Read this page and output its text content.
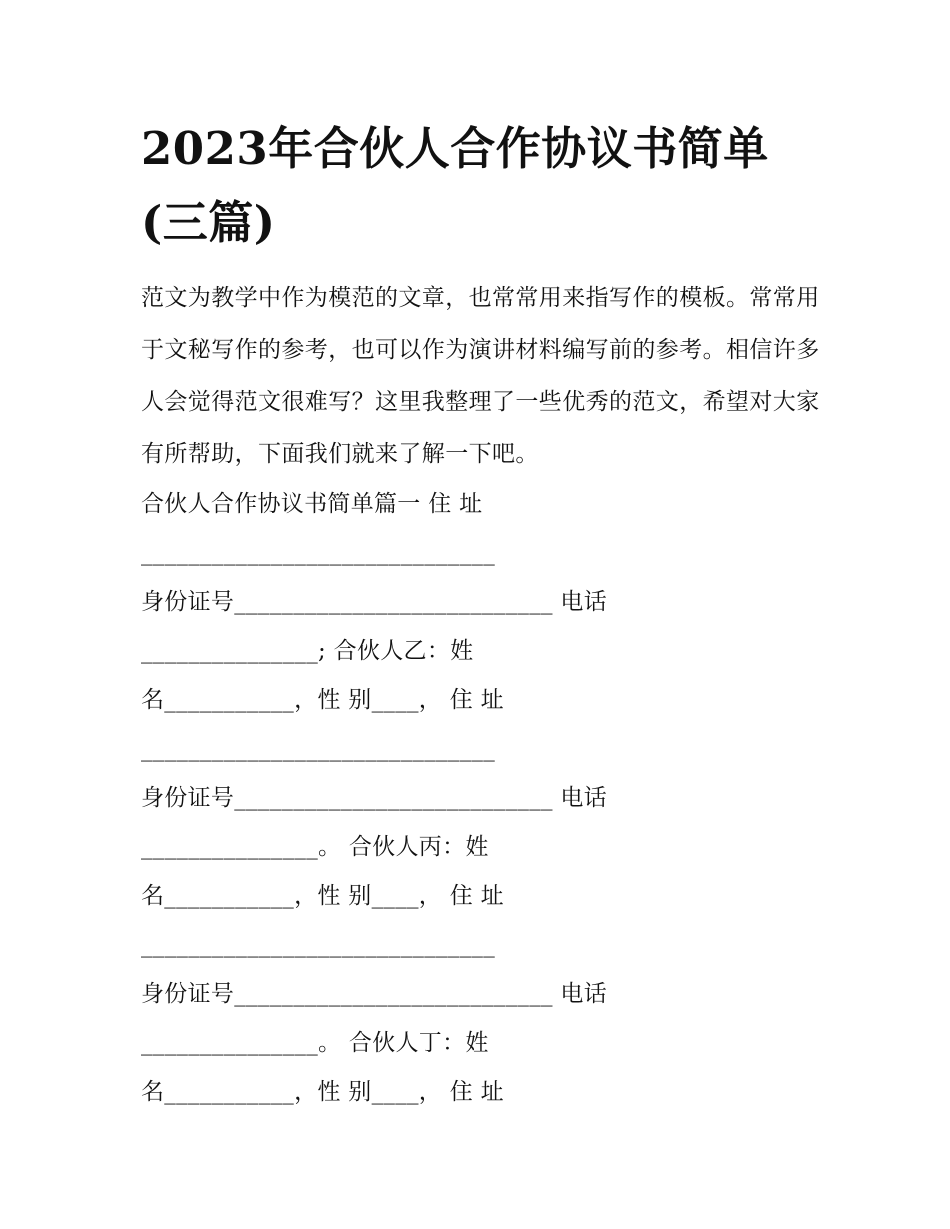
2023年合伙人合作协议书简单
(三篇)
范文为教学中作为模范的文章，也常常用来指写作的模板。常常用于文秘写作的参考，也可以作为演讲材料编写前的参考。相信许多人会觉得范文很难写？这里我整理了一些优秀的范文，希望对大家有所帮助，下面我们就来了解一下吧。
合伙人合作协议书简单篇一 住 址
______________________________
身份证号___________________________ 电话
_______________; 合伙人乙：姓
名___________，性 别____， 住 址
______________________________
身份证号___________________________ 电话
_______________。 合伙人丙：姓
名___________，性 别____， 住 址
______________________________
身份证号___________________________ 电话
_______________。 合伙人丁：姓
名___________，性 别____， 住 址
